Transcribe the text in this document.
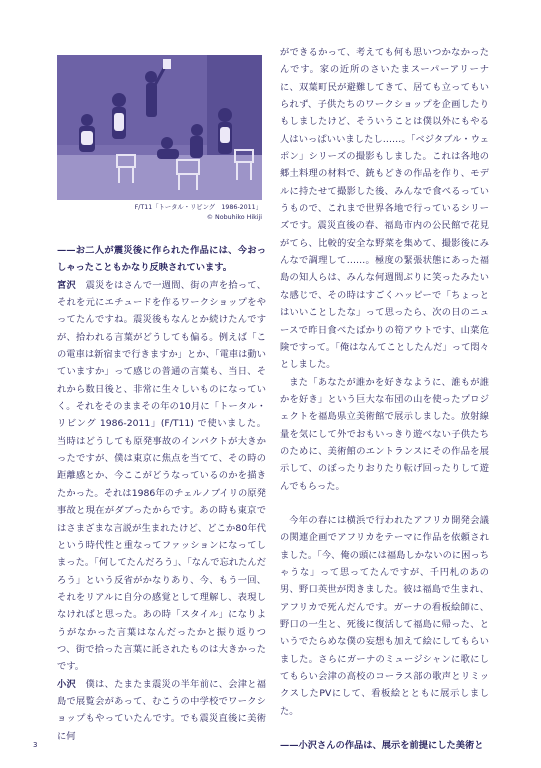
F/T11「トータル・リビング　1986-2011」
© Nobuhiko Hikiji

——お二人が震災後に作られた作品には、今おっしゃったこともかなり反映されています。

宮沢　 震災をはさんで一週間、街の声を拾って、それを元にエチュードを作るワークショップをやってたんですね。震災後もなんとか続けたんですが、拾われる言葉がどうしても偏る。例えば「この電車は新宿まで行きますか」とか、「電車は動いていますか」って感じの普通の言葉も、当日、それから数日後と、非常に生々しいものになっていく。それをそのままその年の10月に「トータル・リビング 1986-2011」(F/T11) で使いました。当時はどうしても原発事故のインパクトが大きかったですが、僕は東京に焦点を当てて、その時の距離感とか、今ここがどうなっているのかを描きたかった。それは1986年のチェルノブイリの原発事故と現在がダブったからです。あの時も東京ではさまざまな言説が生まれたけど、どこか80年代という時代性と重なってファッションになってしまった。「何してたんだろう」、「なんで忘れたんだろう」という反省がかなりあり、今、もう一回、それをリアルに自分の感覚として理解し、表現しなければと思った。あの時「スタイル」になりようがなかった言葉はなんだったかと振り返りつつ、街で拾った言葉に託されたものは大きかったです。

小沢　 僕は、たまたま震災の半年前に、会津と福島で展覧会があって、むこうの中学校でワークショップもやっていたんです。でも震災直後に美術に何

ができるかって、考えても何も思いつかなかったんです。家の近所のさいたまスーパーアリーナに、双葉町民が避難してきて、居ても立ってもいられず、子供たちのワークショップを企画したりもしましたけど、そういうことは僕以外にもやる人はいっぱいいましたし……。「ベジタブル・ウェポン」シリーズの撮影もしました。これは各地の郷土料理の材料で、銃もどきの作品を作り、モデルに持たせて撮影した後、みんなで食べるっていうもので、これまで世界各地で行っているシリーズです。震災直後の春、福島市内の公民館で花見がてら、比較的安全な野菜を集めて、撮影後にみんなで調理して……。極度の緊張状態にあった福島の知人らは、みんな何週間ぶりに笑ったみたいな感じで、その時はすごくハッピーで「ちょっとはいいことしたな」って思ったら、次の日のニュースで昨日食べたばかりの筍アウトです、山菜危険ですって。「俺はなんてことしたんだ」って悶々としました。

また「あなたが誰かを好きなように、誰もが誰かを好き」という巨大な布団の山を使ったプロジェクトを福島県立美術館で展示しました。放射線量を気にして外でおもいっきり遊べない子供たちのために、美術館のエントランスにその作品を展示して、のぼったりおりたり転げ回ったりして遊んでもらった。

今年の春には横浜で行われたアフリカ開発会議の関連企画でアフリカをテーマに作品を依頼されました。「今、俺の頭には福島しかないのに困っちゃうな」って思ってたんですが、千円札のあの男、野口英世が閃きました。彼は福島で生まれ、アフリカで死んだんです。ガーナの看板絵師に、野口の一生と、死後に復活して福島に帰った、というでたらめな僕の妄想も加えて絵にしてもらいました。さらにガーナのミュージシャンに歌にしてもらい会津の高校のコーラス部の歌声とリミックスしたPVにして、看板絵とともに展示しました。

——小沢さんの作品は、展示を前提にした美術と

3
